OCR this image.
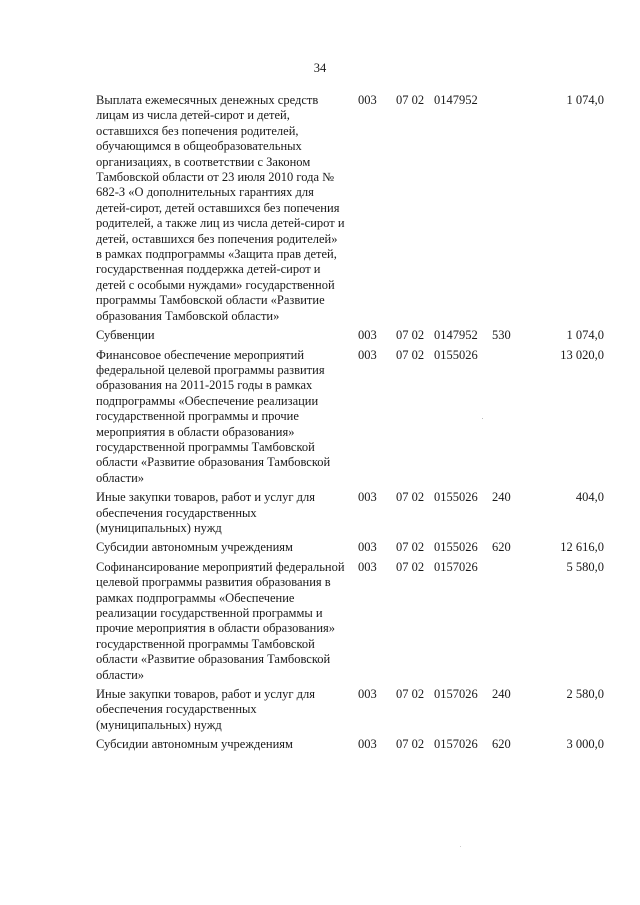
34
Выплата ежемесячных денежных средств лицам из числа детей-сирот и детей, оставшихся без попечения родителей, обучающимся в общеобразовательных организациях, в соответствии с Законом Тамбовской области от 23 июля 2010 года № 682-З «О дополнительных гарантиях для детей-сирот, детей оставшихся без попечения родителей, а также лиц из числа детей-сирот и детей, оставшихся без попечения родителей» в рамках подпрограммы «Защита прав детей, государственная поддержка детей-сирот и детей с особыми нуждами» государственной программы Тамбовской области «Развитие образования Тамбовской области»	003	07 02	0147952		1 074,0
Субвенции	003	07 02	0147952	530	1 074,0
Финансовое обеспечение мероприятий федеральной целевой программы развития образования на 2011-2015 годы в рамках подпрограммы «Обеспечение реализации государственной программы и прочие мероприятия в области образования» государственной программы Тамбовской области «Развитие образования Тамбовской области»	003	07 02	0155026		13 020,0
Иные закупки товаров, работ и услуг для обеспечения государственных (муниципальных) нужд	003	07 02	0155026	240	404,0
Субсидии автономным учреждениям	003	07 02	0155026	620	12 616,0
Софинансирование мероприятий федеральной целевой программы развития образования в рамках подпрограммы «Обеспечение реализации государственной программы и прочие мероприятия в области образования» государственной программы Тамбовской области «Развитие образования Тамбовской области»	003	07 02	0157026		5 580,0
Иные закупки товаров, работ и услуг для обеспечения государственных (муниципальных) нужд	003	07 02	0157026	240	2 580,0
Субсидии автономным учреждениям	003	07 02	0157026	620	3 000,0
